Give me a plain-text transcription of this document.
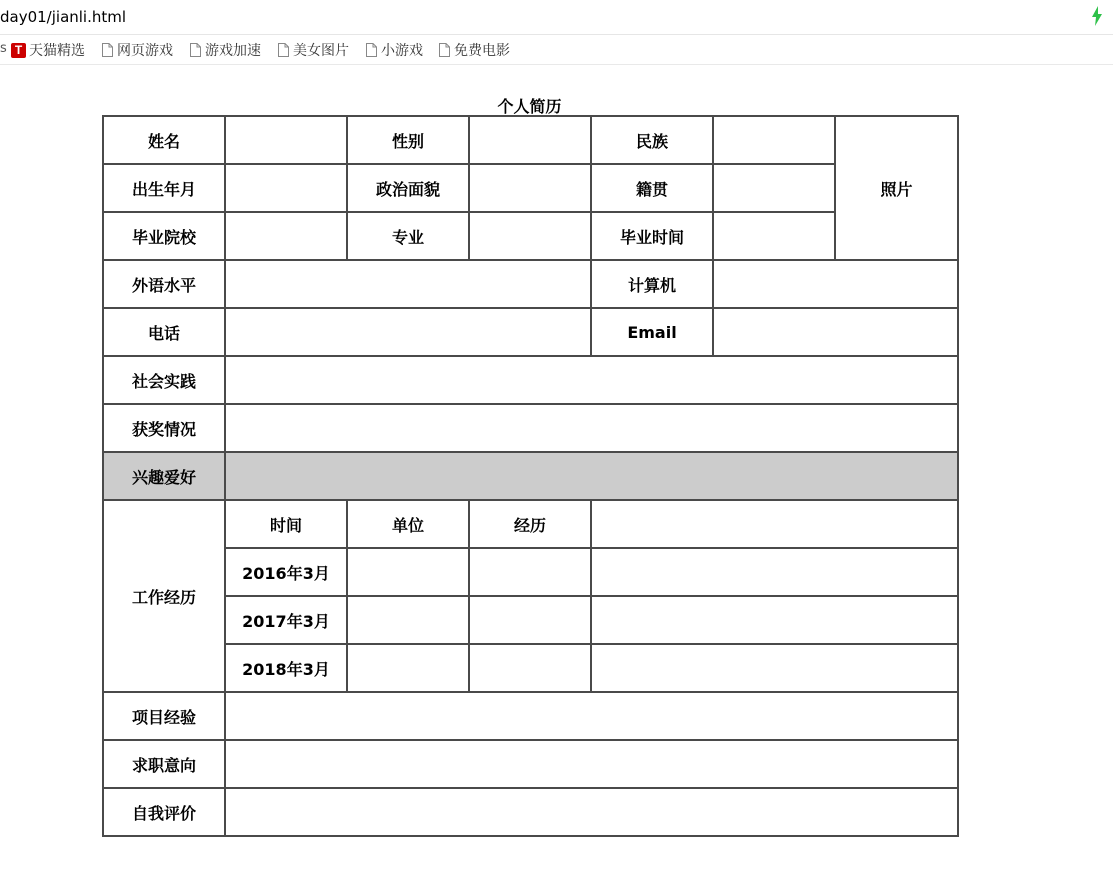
day01/jianli.html
s T 天猫精选 网页游戏 游戏加速 美女图片 小游戏 免费电影
个人简历
姓名		性别		民族		照片
出生年月		政治面貌		籍贯		
毕业院校		专业		毕业时间		
外语水平				计算机		
电话				Email		
社会实践						
获奖情况						
兴趣爱好						
工作经历	时间	单位	经历			
	2016年3月					
	2017年3月					
	2018年3月					
项目经验						
求职意向						
自我评价						
